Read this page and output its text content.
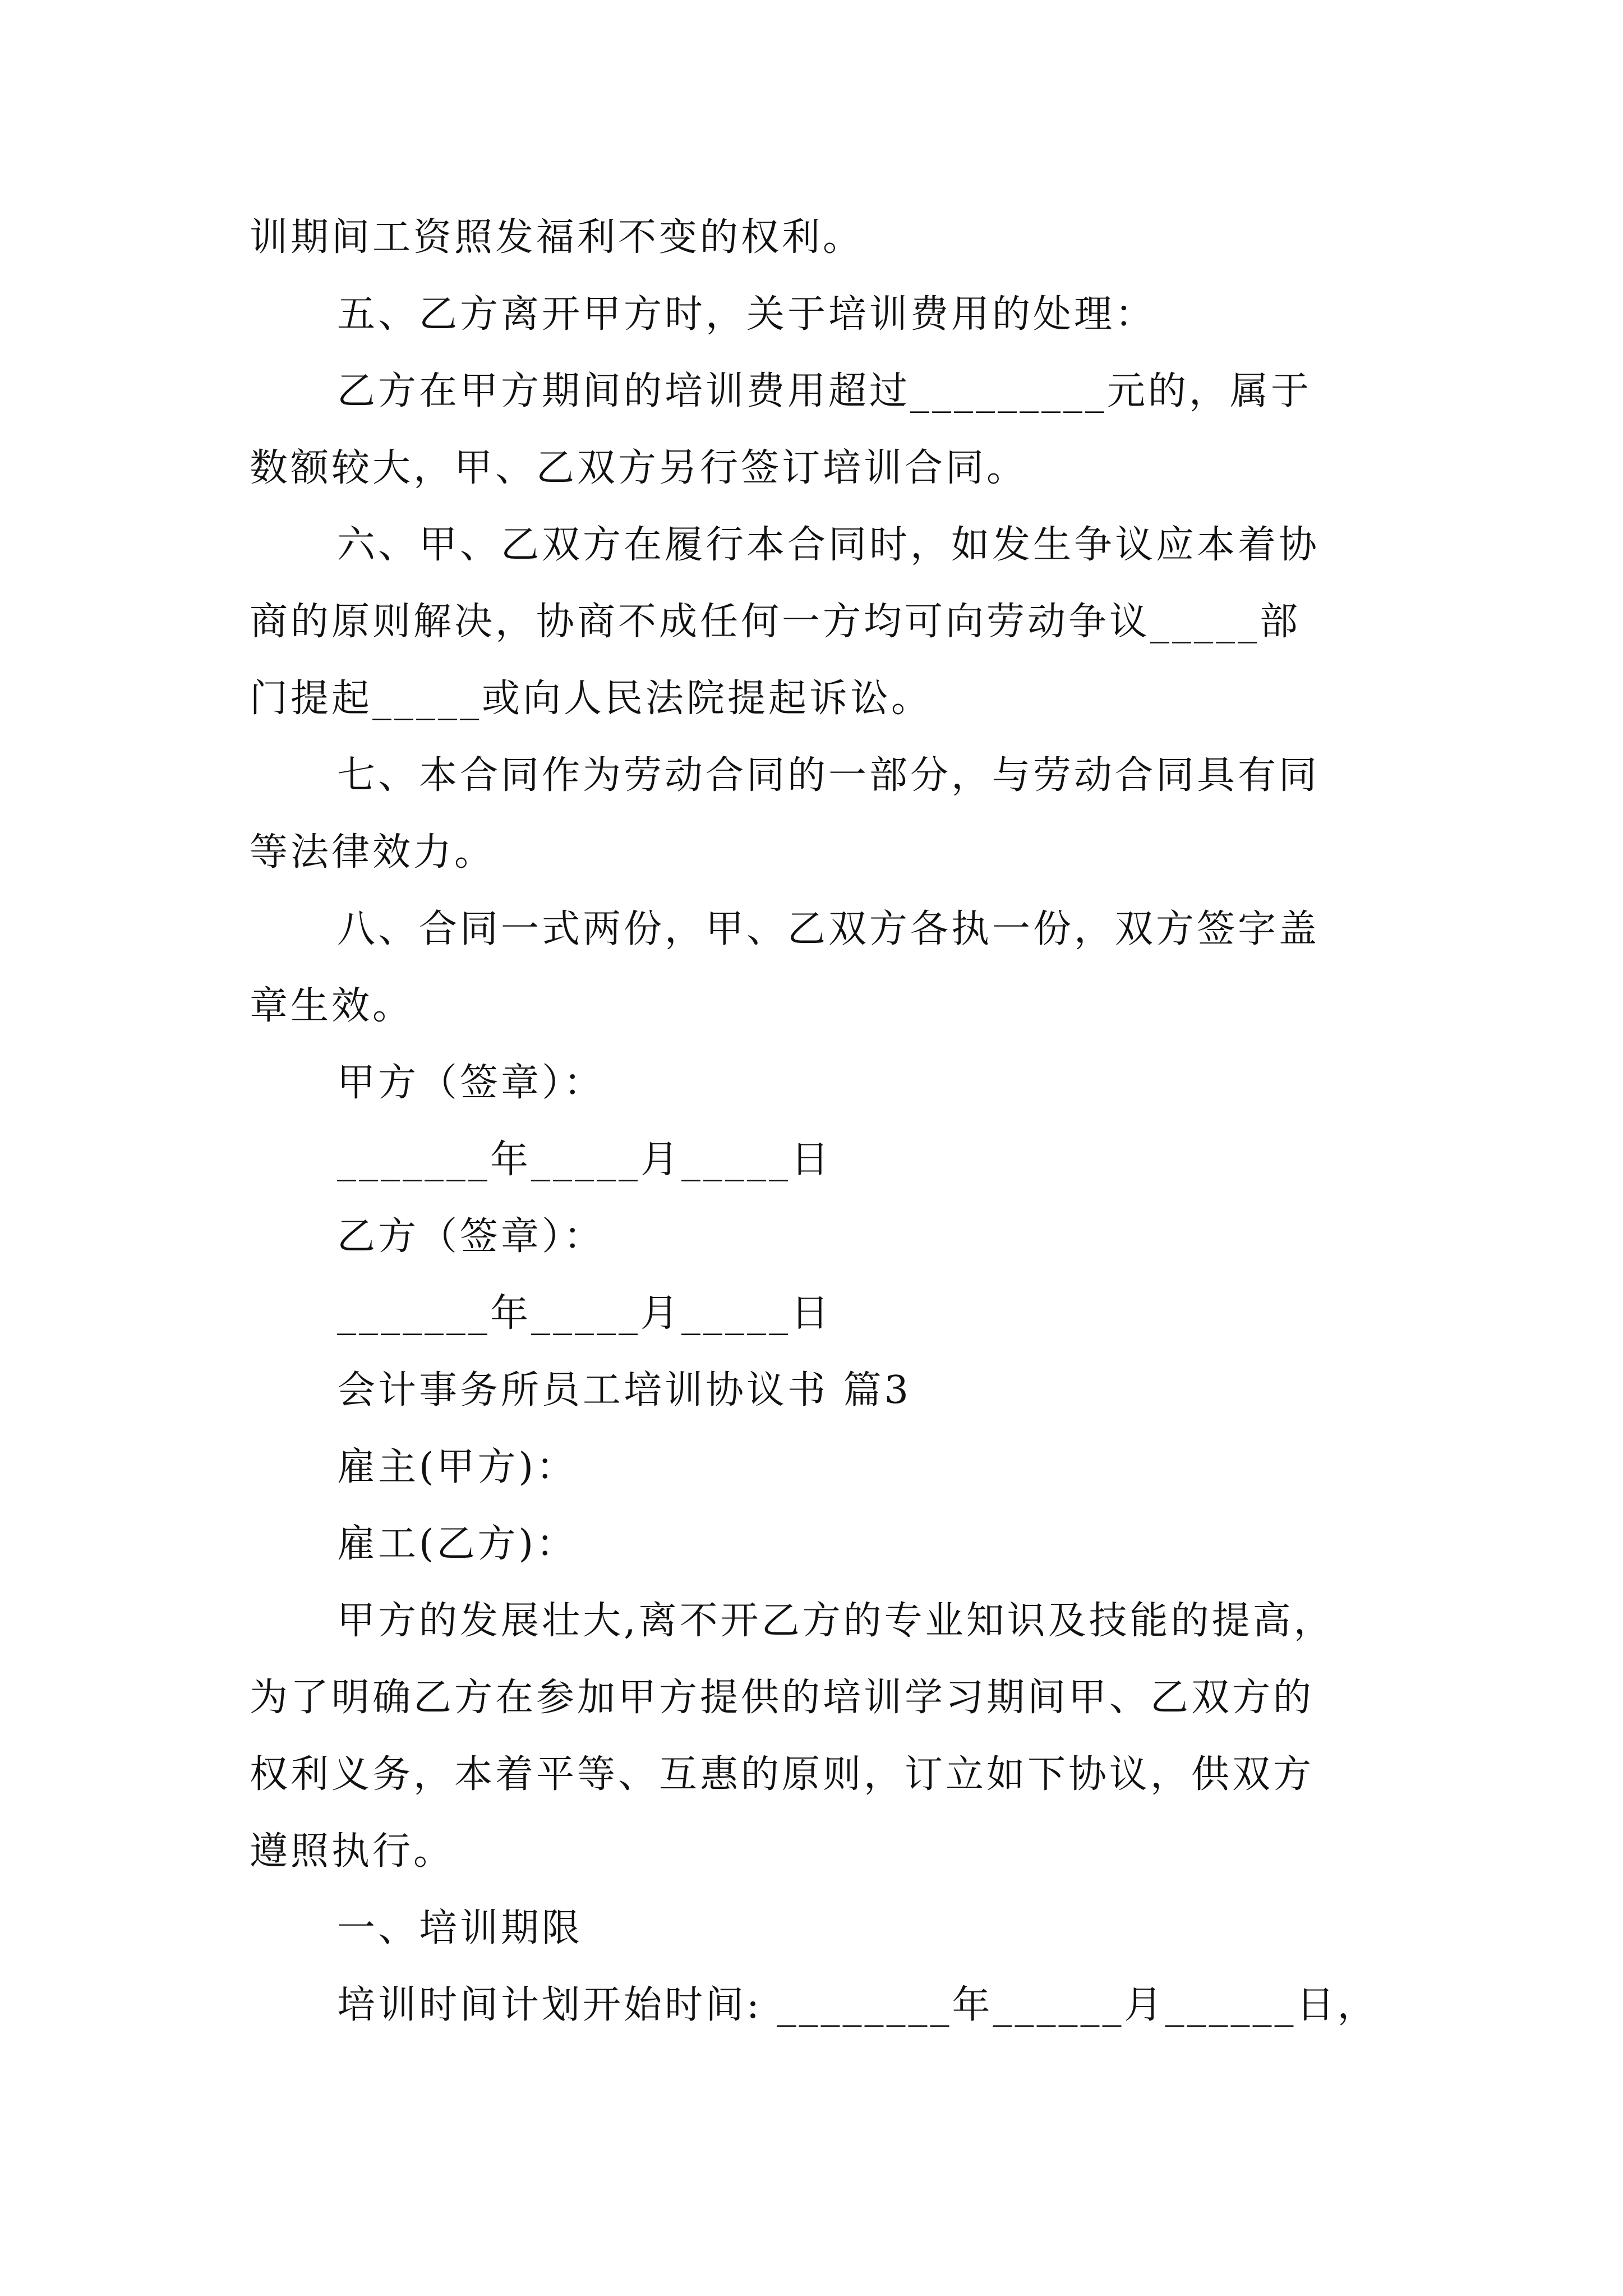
训期间工资照发福利不变的权利。
五、乙方离开甲方时，关于培训费用的处理：
乙方在甲方期间的培训费用超过_________元的，属于
数额较大，甲、乙双方另行签订培训合同。
六、甲、乙双方在履行本合同时，如发生争议应本着协
商的原则解决，协商不成任何一方均可向劳动争议_____部
门提起_____或向人民法院提起诉讼。
七、本合同作为劳动合同的一部分，与劳动合同具有同
等法律效力。
八、合同一式两份，甲、乙双方各执一份，双方签字盖
章生效。
甲方（签章）：
_______年_____月_____日
乙方（签章）：
_______年_____月_____日
会计事务所员工培训协议书 篇3
雇主(甲方)：
雇工(乙方)：
甲方的发展壮大,离不开乙方的专业知识及技能的提高，
为了明确乙方在参加甲方提供的培训学习期间甲、乙双方的
权利义务，本着平等、互惠的原则，订立如下协议，供双方
遵照执行。
一、培训期限
培训时间计划开始时间: ________年______月______日，
